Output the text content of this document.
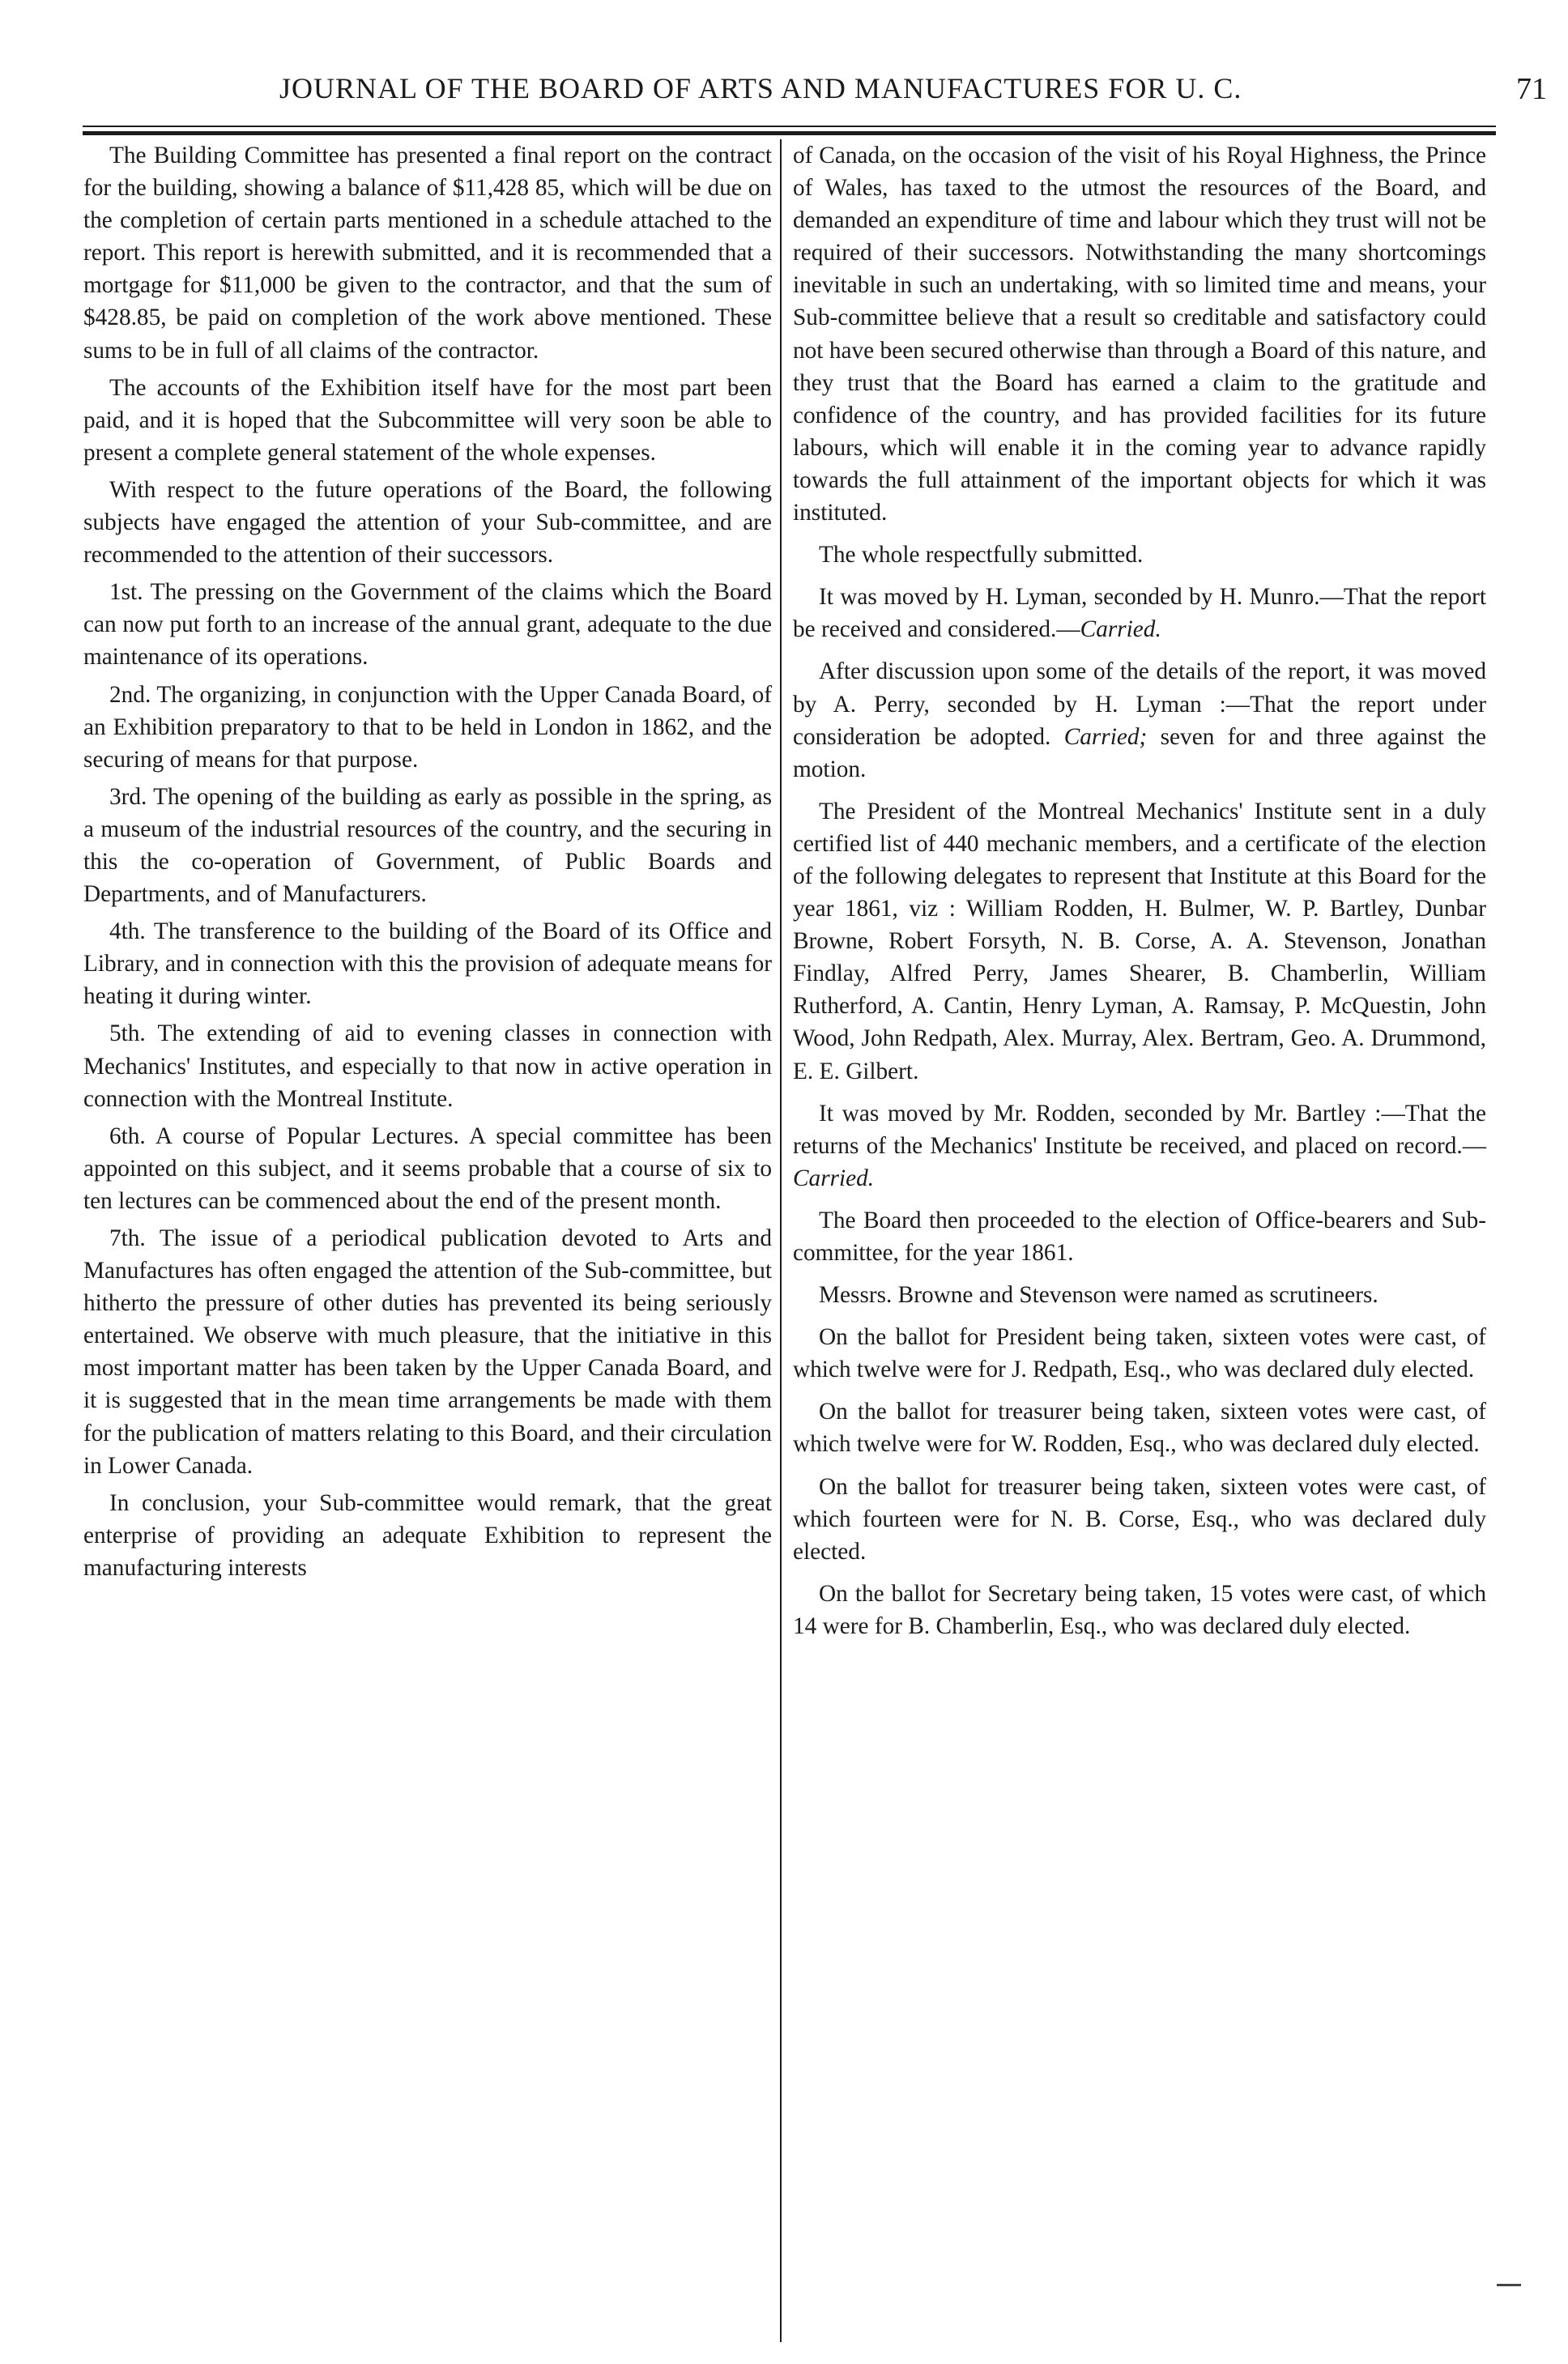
JOURNAL OF THE BOARD OF ARTS AND MANUFACTURES FOR U. C.	71

The Building Committee has presented a final report on the contract for the building, showing a balance of $11,428 85, which will be due on the completion of certain parts mentioned in a schedule attached to the report. This report is herewith submitted, and it is recommended that a mortgage for $11,000 be given to the contractor, and that the sum of $428.85, be paid on completion of the work above mentioned. These sums to be in full of all claims of the contractor.

The accounts of the Exhibition itself have for the most part been paid, and it is hoped that the Subcommittee will very soon be able to present a complete general statement of the whole expenses.

With respect to the future operations of the Board, the following subjects have engaged the attention of your Sub-committee, and are recommended to the attention of their successors.

1st. The pressing on the Government of the claims which the Board can now put forth to an increase of the annual grant, adequate to the due maintenance of its operations.

2nd. The organizing, in conjunction with the Upper Canada Board, of an Exhibition preparatory to that to be held in London in 1862, and the securing of means for that purpose.

3rd. The opening of the building as early as possible in the spring, as a museum of the industrial resources of the country, and the securing in this the co-operation of Government, of Public Boards and Departments, and of Manufacturers.

4th. The transference to the building of the Board of its Office and Library, and in connection with this the provision of adequate means for heating it during winter.

5th. The extending of aid to evening classes in connection with Mechanics' Institutes, and especially to that now in active operation in connection with the Montreal Institute.

6th. A course of Popular Lectures. A special committee has been appointed on this subject, and it seems probable that a course of six to ten lectures can be commenced about the end of the present month.

7th. The issue of a periodical publication devoted to Arts and Manufactures has often engaged the attention of the Sub-committee, but hitherto the pressure of other duties has prevented its being seriously entertained. We observe with much pleasure, that the initiative in this most important matter has been taken by the Upper Canada Board, and it is suggested that in the mean time arrangements be made with them for the publication of matters relating to this Board, and their circulation in Lower Canada.

In conclusion, your Sub-committee would remark, that the great enterprise of providing an adequate Exhibition to represent the manufacturing interests

of Canada, on the occasion of the visit of his Royal Highness, the Prince of Wales, has taxed to the utmost the resources of the Board, and demanded an expenditure of time and labour which they trust will not be required of their successors. Notwithstanding the many shortcomings inevitable in such an undertaking, with so limited time and means, your Sub-committee believe that a result so creditable and satisfactory could not have been secured otherwise than through a Board of this nature, and they trust that the Board has earned a claim to the gratitude and confidence of the country, and has provided facilities for its future labours, which will enable it in the coming year to advance rapidly towards the full attainment of the important objects for which it was instituted.

The whole respectfully submitted.

It was moved by H. Lyman, seconded by H. Munro.—That the report be received and considered.—Carried.

After discussion upon some of the details of the report, it was moved by A. Perry, seconded by H. Lyman :—That the report under consideration be adopted. Carried; seven for and three against the motion.

The President of the Montreal Mechanics' Institute sent in a duly certified list of 440 mechanic members, and a certificate of the election of the following delegates to represent that Institute at this Board for the year 1861, viz : William Rodden, H. Bulmer, W. P. Bartley, Dunbar Browne, Robert Forsyth, N. B. Corse, A. A. Stevenson, Jonathan Findlay, Alfred Perry, James Shearer, B. Chamberlin, William Rutherford, A. Cantin, Henry Lyman, A. Ramsay, P. McQuestin, John Wood, John Redpath, Alex. Murray, Alex. Bertram, Geo. A. Drummond, E. E. Gilbert.

It was moved by Mr. Rodden, seconded by Mr. Bartley :—That the returns of the Mechanics' Institute be received, and placed on record.—Carried.

The Board then proceeded to the election of Office-bearers and Sub-committee, for the year 1861.

Messrs. Browne and Stevenson were named as scrutineers.

On the ballot for President being taken, sixteen votes were cast, of which twelve were for J. Redpath, Esq., who was declared duly elected.

On the ballot for treasurer being taken, sixteen votes were cast, of which twelve were for W. Rodden, Esq., who was declared duly elected.

On the ballot for treasurer being taken, sixteen votes were cast, of which fourteen were for N. B. Corse, Esq., who was declared duly elected.

On the ballot for Secretary being taken, 15 votes were cast, of which 14 were for B. Chamberlin, Esq., who was declared duly elected.
